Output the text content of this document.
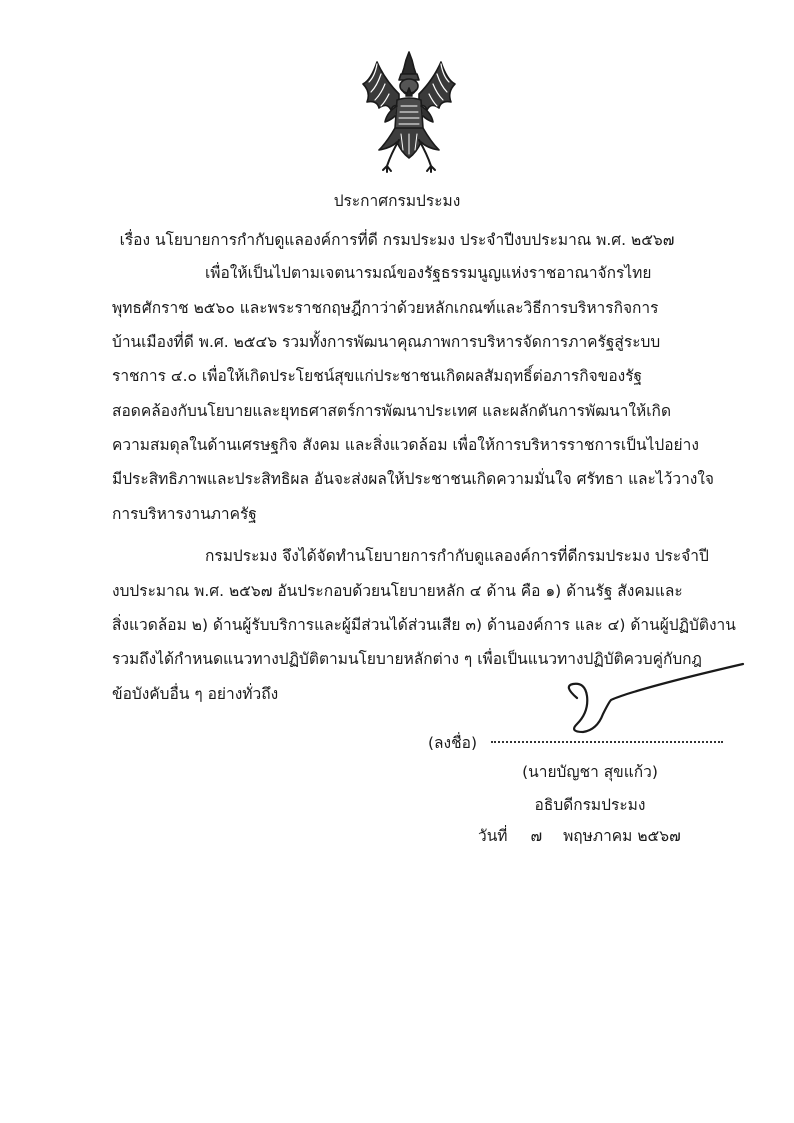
ประกาศกรมประมง
เรื่อง นโยบายการกำกับดูแลองค์การที่ดี กรมประมง ประจำปีงบประมาณ พ.ศ. ๒๕๖๗
เพื่อให้เป็นไปตามเจตนารมณ์ของรัฐธรรมนูญแห่งราชอาณาจักรไทย
พุทธศักราช ๒๕๖๐ และพระราชกฤษฎีกาว่าด้วยหลักเกณฑ์และวิธีการบริหารกิจการ
บ้านเมืองที่ดี พ.ศ. ๒๕๔๖ รวมทั้งการพัฒนาคุณภาพการบริหารจัดการภาครัฐสู่ระบบ
ราชการ ๔.๐ เพื่อให้เกิดประโยชน์สุขแก่ประชาชนเกิดผลสัมฤทธิ์ต่อภารกิจของรัฐ
สอดคล้องกับนโยบายและยุทธศาสตร์การพัฒนาประเทศ และผลักดันการพัฒนาให้เกิด
ความสมดุลในด้านเศรษฐกิจ สังคม และสิ่งแวดล้อม เพื่อให้การบริหารราชการเป็นไปอย่าง
มีประสิทธิภาพและประสิทธิผล อันจะส่งผลให้ประชาชนเกิดความมั่นใจ ศรัทธา และไว้วางใจ
การบริหารงานภาครัฐ
กรมประมง จึงได้จัดทำนโยบายการกำกับดูแลองค์การที่ดีกรมประมง ประจำปี
งบประมาณ พ.ศ. ๒๕๖๗ อันประกอบด้วยนโยบายหลัก ๔ ด้าน คือ ๑) ด้านรัฐ สังคมและ
สิ่งแวดล้อม ๒) ด้านผู้รับบริการและผู้มีส่วนได้ส่วนเสีย ๓) ด้านองค์การ และ ๔) ด้านผู้ปฏิบัติงาน
รวมถึงได้กำหนดแนวทางปฏิบัติตามนโยบายหลักต่าง ๆ เพื่อเป็นแนวทางปฏิบัติควบคู่กับกฎ
ข้อบังคับอื่น ๆ อย่างทั่วถึง
(ลงชื่อ)
(นายบัญชา สุขแก้ว)
อธิบดีกรมประมง
วันที่ ๗ พฤษภาคม ๒๕๖๗
